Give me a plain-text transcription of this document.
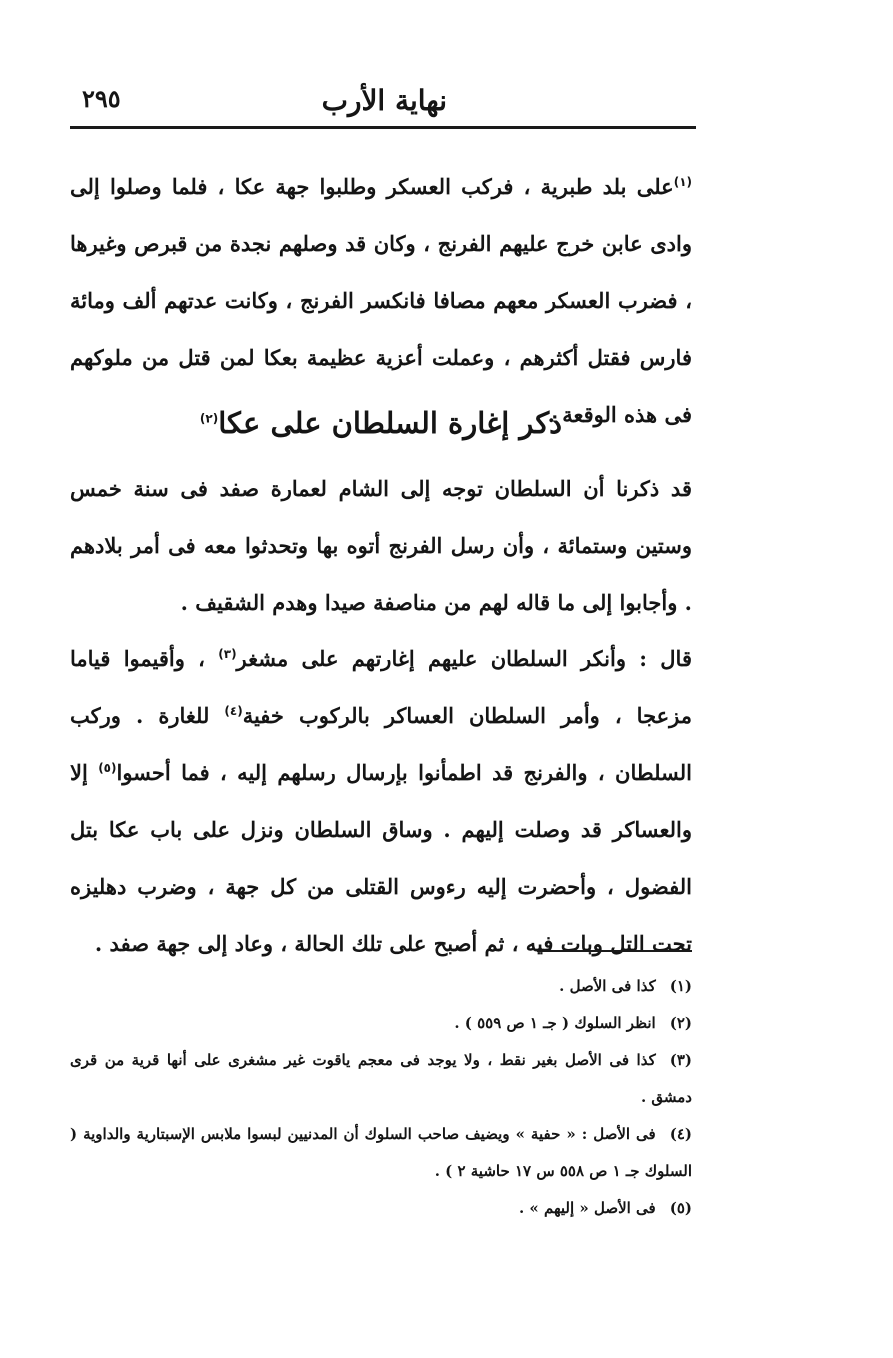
نهاية الأرب
٢٩٥
$^{(١)}$على بلد طبرية ، فركب العسكر وطلبوا جهة عكا ، فلما وصلوا إلى وادى عابن خرج عليهم الفرنج ، وكان قد وصلهم نجدة من قبرص وغيرها ، فضرب العسكر معهم مصافا فانكسر الفرنج ، وكانت عدتهم ألف ومائة فارس فقتل أكثرهم ، وعملت أعزية عظيمة بعكا لمن قتل من ملوكهم فى هذه الوقعة .
ذكر إغارة السلطان على عكا$^{(٢)}$
قد ذكرنا أن السلطان توجه إلى الشام لعمارة صفد فى سنة خمس وستين وستمائة ، وأن رسل الفرنج أتوه بها وتحدثوا معه فى أمر بلادهم . وأجابوا إلى ما قاله لهم من مناصفة صيدا وهدم الشقيف .
قال : وأنكر السلطان عليهم إغارتهم على مشغر$^{(٣)}$ ، وأقيموا قياما مزعجا ، وأمر السلطان العساكر بالركوب خفية$^{(٤)}$ للغارة . وركب السلطان ، والفرنج قد اطمأنوا بإرسال رسلهم إليه ، فما أحسوا$^{(٥)}$ إلا والعساكر قد وصلت إليهم . وساق السلطان ونزل على باب عكا بتل الفضول ، وأحضرت إليه رءوس القتلى من كل جهة ، وضرب دهليزه تحت التل وبات فيه ، ثم أصبح على تلك الحالة ، وعاد إلى جهة صفد .
(١)كذا فى الأصل .
(٢)انظر السلوك ( جـ ١ ص ٥٥٩ ) .
(٣)كذا فى الأصل بغير نقط ، ولا يوجد فى معجم ياقوت غير مشغرى على أنها قرية من قرى دمشق .
(٤)فى الأصل : « حفية » ويضيف صاحب السلوك أن المدنيين لبسوا ملابس الإسبتارية والداوية ( السلوك جـ ١ ص ٥٥٨ س ١٧ حاشية ٢ ) .
(٥)فى الأصل « إليهم » .
